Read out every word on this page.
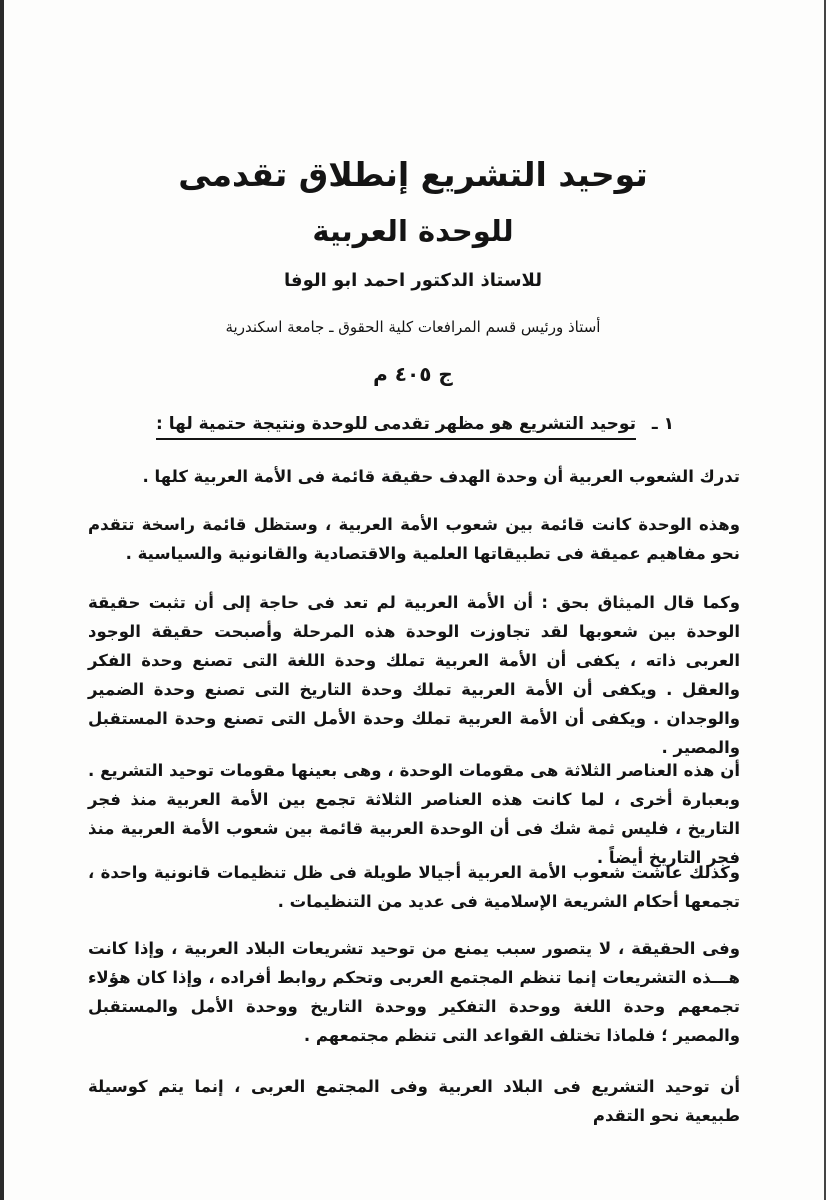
توحيد التشريع إنطلاق تقدمى
للوحدة العربية
للاستاذ الدكتور احمد ابو الوفا
أستاذ ورئيس قسم المرافعات كلية الحقوق ـ جامعة اسكندرية
ج ٤٠٥ م
١ ـ توحيد التشريع هو مظهر تقدمى للوحدة ونتيجة حتمية لها :
تدرك الشعوب العربية أن وحدة الهدف حقيقة قائمة فى الأمة العربية كلها .
وهذه الوحدة كانت قائمة بين شعوب الأمة العربية ، وستظل قائمة راسخة تتقدم نحو مفاهيم عميقة فى تطبيقاتها العلمية والاقتصادية والقانونية والسياسية .
وكما قال الميثاق بحق : أن الأمة العربية لم تعد فى حاجة إلى أن تثبت حقيقة الوحدة بين شعوبها لقد تجاوزت الوحدة هذه المرحلة وأصبحت حقيقة الوجود العربى ذاته ، يكفى أن الأمة العربية تملك وحدة اللغة التى تصنع وحدة الفكر والعقل . ويكفى أن الأمة العربية تملك وحدة التاريخ التى تصنع وحدة الضمير والوجدان . ويكفى أن الأمة العربية تملك وحدة الأمل التى تصنع وحدة المستقبل والمصير .
أن هذه العناصر الثلاثة هى مقومات الوحدة ، وهى بعينها مقومات توحيد التشريع . وبعبارة أخرى ، لما كانت هذه العناصر الثلاثة تجمع بين الأمة العربية منذ فجر التاريخ ، فليس ثمة شك فى أن الوحدة العربية قائمة بين شعوب الأمة العربية منذ فجر التاريخ أيضاً .
وكذلك عاشت شعوب الأمة العربية أجيالا طويلة فى ظل تنظيمات قانونية واحدة ، تجمعها أحكام الشريعة الإسلامية فى عديد من التنظيمات .
وفى الحقيقة ، لا يتصور سبب يمنع من توحيد تشريعات البلاد العربية ، وإذا كانت هـــذه التشريعات إنما تنظم المجتمع العربى وتحكم روابط أفراده ، وإذا كان هؤلاء تجمعهم وحدة اللغة ووحدة التفكير ووحدة التاريخ ووحدة الأمل والمستقبل والمصير ؛ فلماذا تختلف القواعد التى تنظم مجتمعهم .
أن توحيد التشريع فى البلاد العربية وفى المجتمع العربى ، إنما يتم كوسيلة طبيعية نحو التقدم
